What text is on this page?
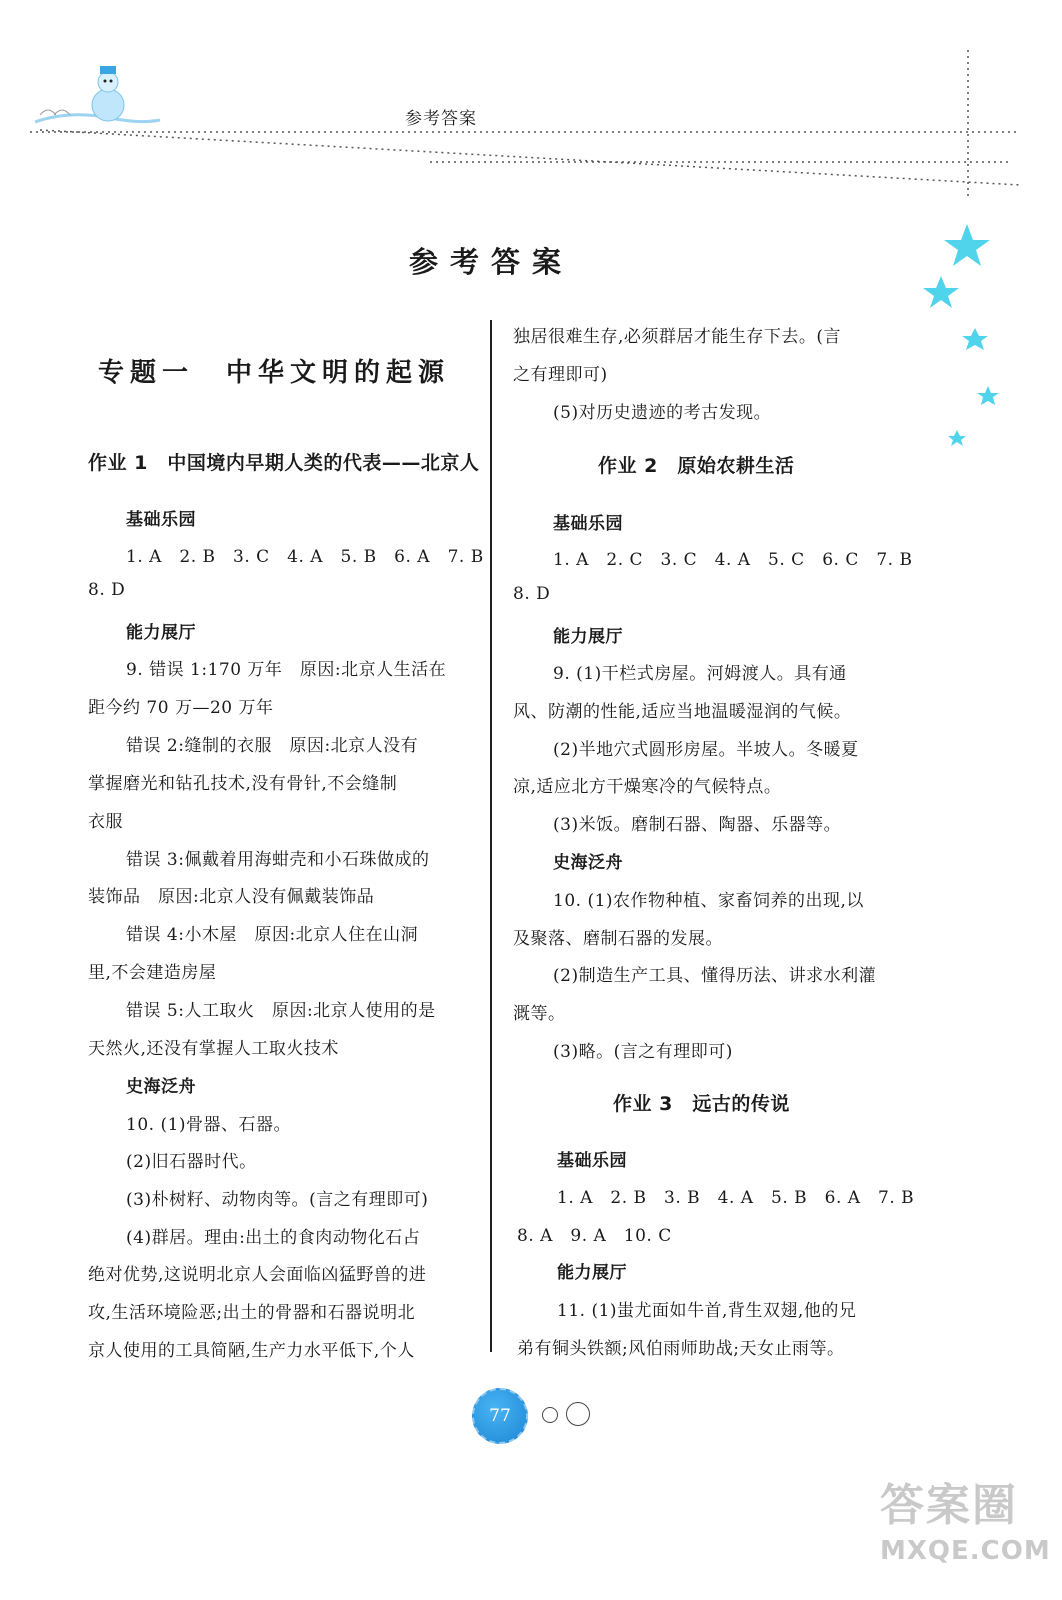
参考答案
参考答案
专题一　中华文明的起源
作业 1　中国境内早期人类的代表——北京人
基础乐园
1. A　2. B　3. C　4. A　5. B　6. A　7. B
8. D
能力展厅
9. 错误 1:170 万年　原因:北京人生活在
距今约 70 万—20 万年
错误 2:缝制的衣服　原因:北京人没有
掌握磨光和钻孔技术,没有骨针,不会缝制
衣服
错误 3:佩戴着用海蚶壳和小石珠做成的
装饰品　原因:北京人没有佩戴装饰品
错误 4:小木屋　原因:北京人住在山洞
里,不会建造房屋
错误 5:人工取火　原因:北京人使用的是
天然火,还没有掌握人工取火技术
史海泛舟
10. (1)骨器、石器。
(2)旧石器时代。
(3)朴树籽、动物肉等。(言之有理即可)
(4)群居。理由:出土的食肉动物化石占
绝对优势,这说明北京人会面临凶猛野兽的进
攻,生活环境险恶;出土的骨器和石器说明北
京人使用的工具简陋,生产力水平低下,个人
独居很难生存,必须群居才能生存下去。(言
之有理即可)
(5)对历史遗迹的考古发现。
作业 2　原始农耕生活
基础乐园
1. A　2. C　3. C　4. A　5. C　6. C　7. B
8. D
能力展厅
9. (1)干栏式房屋。河姆渡人。具有通
风、防潮的性能,适应当地温暖湿润的气候。
(2)半地穴式圆形房屋。半坡人。冬暖夏
凉,适应北方干燥寒冷的气候特点。
(3)米饭。磨制石器、陶器、乐器等。
史海泛舟
10. (1)农作物种植、家畜饲养的出现,以
及聚落、磨制石器的发展。
(2)制造生产工具、懂得历法、讲求水利灌
溉等。
(3)略。(言之有理即可)
作业 3　远古的传说
基础乐园
1. A　2. B　3. B　4. A　5. B　6. A　7. B
8. A　9. A　10. C
能力展厅
11. (1)蚩尤面如牛首,背生双翅,他的兄
弟有铜头铁额;风伯雨师助战;天女止雨等。
77
答案圈
MXQE.COM
